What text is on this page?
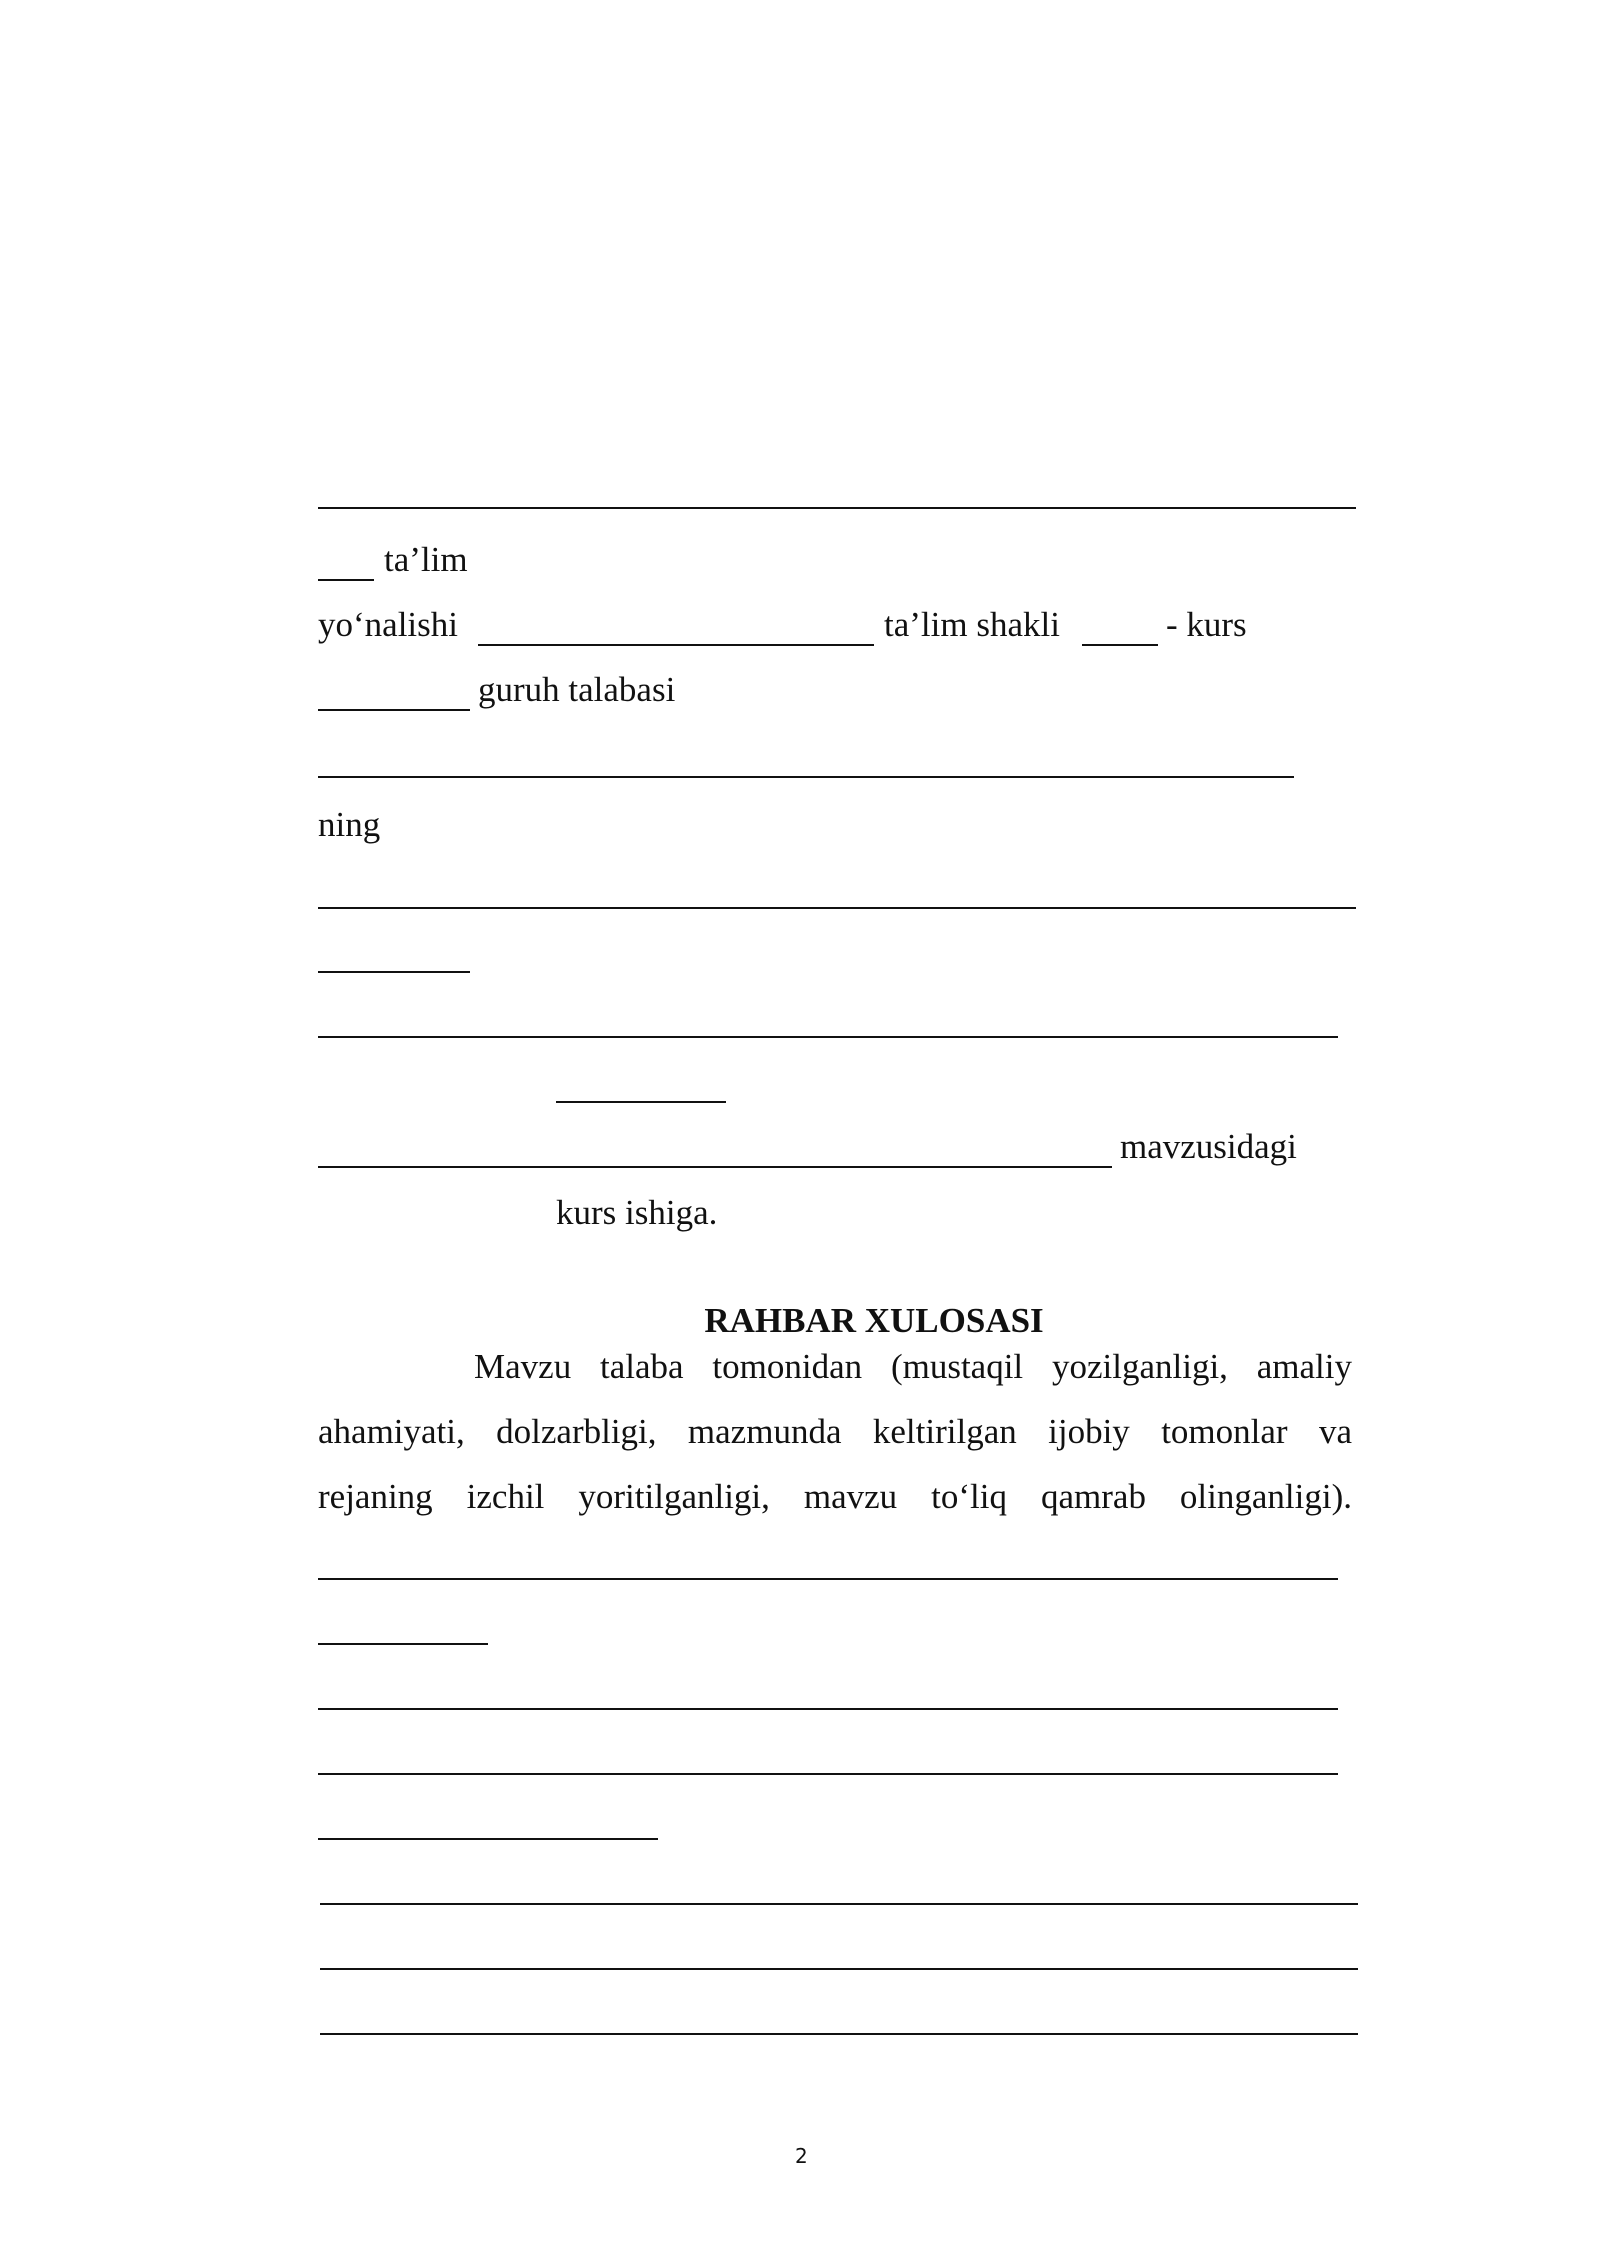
ta’lim
yo‘nalishi	ta’lim shakli	- kurs
guruh talabasi
ning
mavzusidagi
kurs ishiga.
RAHBAR XULOSASI
Mavzu talaba tomonidan (mustaqil yozilganligi, amaliy
ahamiyati, dolzarbligi, mazmunda keltirilgan ijobiy tomonlar va
rejaning izchil yoritilganligi, mavzu to‘liq qamrab olinganligi).
2
